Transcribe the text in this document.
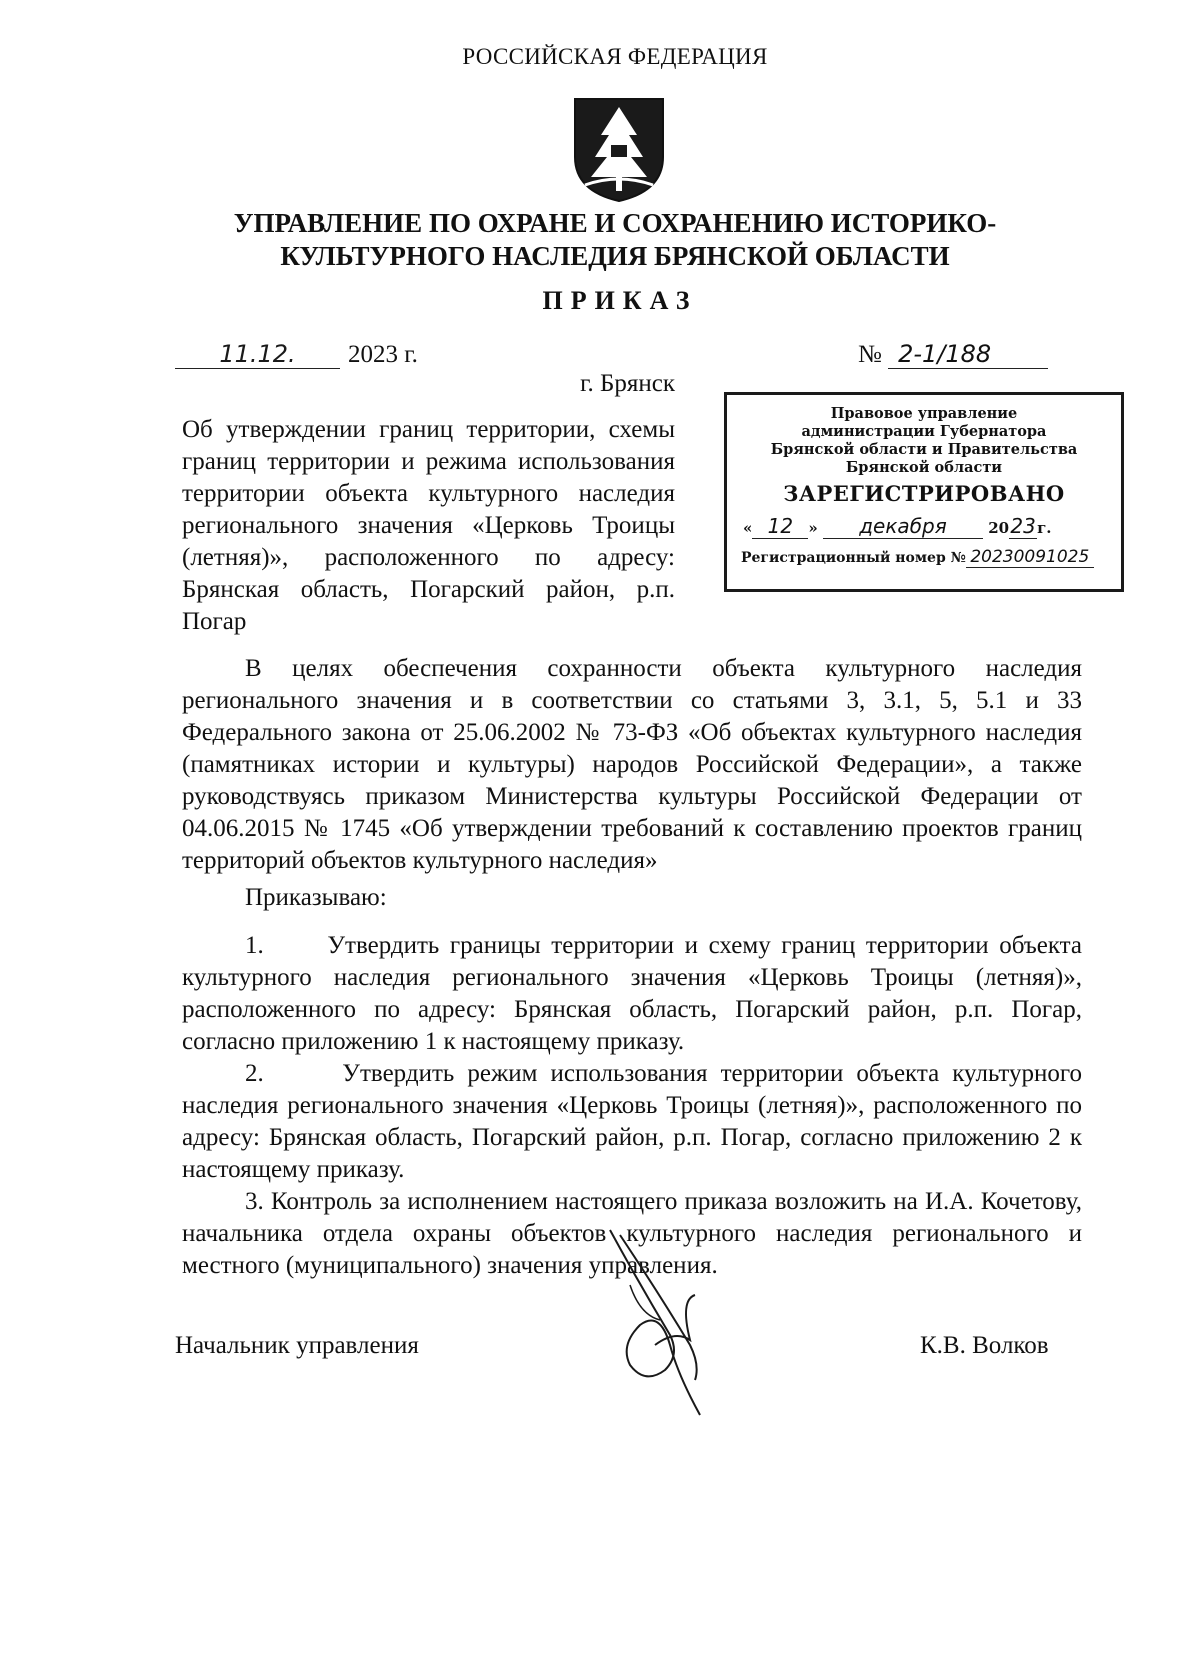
РОССИЙСКАЯ ФЕДЕРАЦИЯ
УПРАВЛЕНИЕ ПО ОХРАНЕ И СОХРАНЕНИЮ ИСТОРИКО-
КУЛЬТУРНОГО НАСЛЕДИЯ БРЯНСКОЙ ОБЛАСТИ
ПРИКАЗ
11.12. 2023 г.	№ 2-1/188
г. Брянск
Об утверждении границ территории, схемы границ территории и режима использования территории объекта культурного наследия регионального значения «Церковь Троицы (летняя)», расположенного по адресу: Брянская область, Погарский район, р.п. Погар
Правовое управление
администрации Губернатора
Брянской области и Правительства
Брянской области
ЗАРЕГИСТРИРОВАНО
« 12 » декабря	2023г.
Регистрационный номер № 20230091025
В целях обеспечения сохранности объекта культурного наследия регионального значения и в соответствии со статьями 3, 3.1, 5, 5.1 и 33 Федерального закона от 25.06.2002 № 73-ФЗ «Об объектах культурного наследия (памятниках истории и культуры) народов Российской Федерации», а также руководствуясь приказом Министерства культуры Российской Федерации от 04.06.2015 № 1745 «Об утверждении требований к составлению проектов границ территорий объектов культурного наследия»
Приказываю:
1.      Утвердить границы территории и схему границ территории объекта культурного наследия регионального значения «Церковь Троицы (летняя)», расположенного по адресу: Брянская область, Погарский район, р.п. Погар, согласно приложению 1 к настоящему приказу.
2.      Утвердить режим использования территории объекта культурного наследия регионального значения «Церковь Троицы (летняя)», расположенного по адресу: Брянская область, Погарский район, р.п. Погар, согласно приложению 2 к настоящему приказу.
3. Контроль за исполнением настоящего приказа возложить на И.А. Кочетову, начальника отдела охраны объектов культурного наследия регионального и местного (муниципального) значения управления.
Начальник управления	К.В. Волков
